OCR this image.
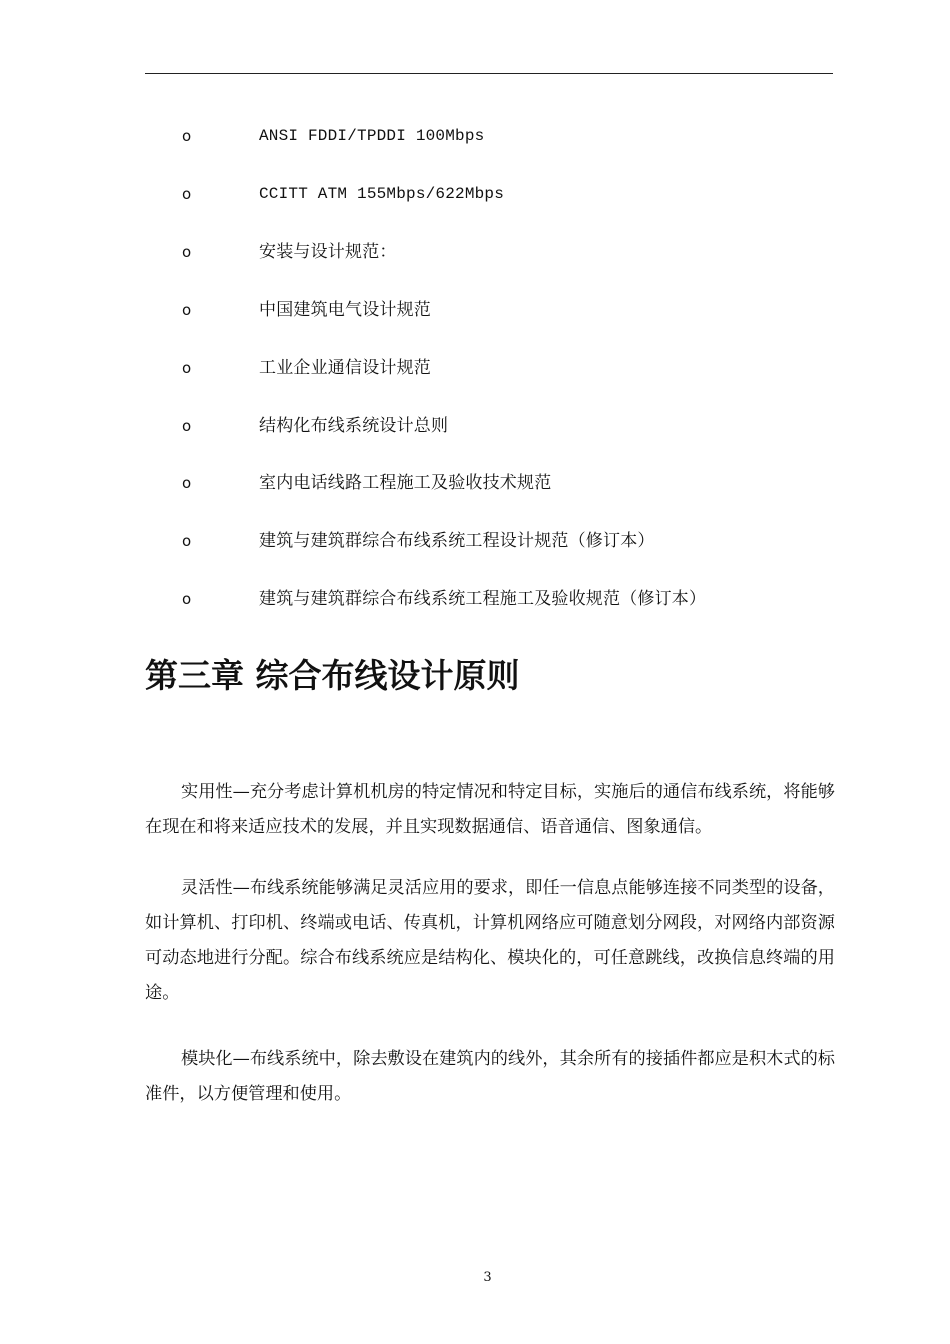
o	ANSI FDDI/TPDDI 100Mbps
o	CCITT ATM 155Mbps/622Mbps
o	安装与设计规范：
o	中国建筑电气设计规范
o	工业企业通信设计规范
o	结构化布线系统设计总则
o	室内电话线路工程施工及验收技术规范
o	建筑与建筑群综合布线系统工程设计规范（修订本）
o	建筑与建筑群综合布线系统工程施工及验收规范（修订本）
第三章 综合布线设计原则

实用性—充分考虑计算机机房的特定情况和特定目标，实施后的通信布线系统，将能够在现在和将来适应技术的发展，并且实现数据通信、语音通信、图象通信。

灵活性—布线系统能够满足灵活应用的要求，即任一信息点能够连接不同类型的设备，如计算机、打印机、终端或电话、传真机，计算机网络应可随意划分网段，对网络内部资源可动态地进行分配。综合布线系统应是结构化、模块化的，可任意跳线，改换信息终端的用途。

模块化—布线系统中，除去敷设在建筑内的线外，其余所有的接插件都应是积木式的标准件，以方便管理和使用。

3
